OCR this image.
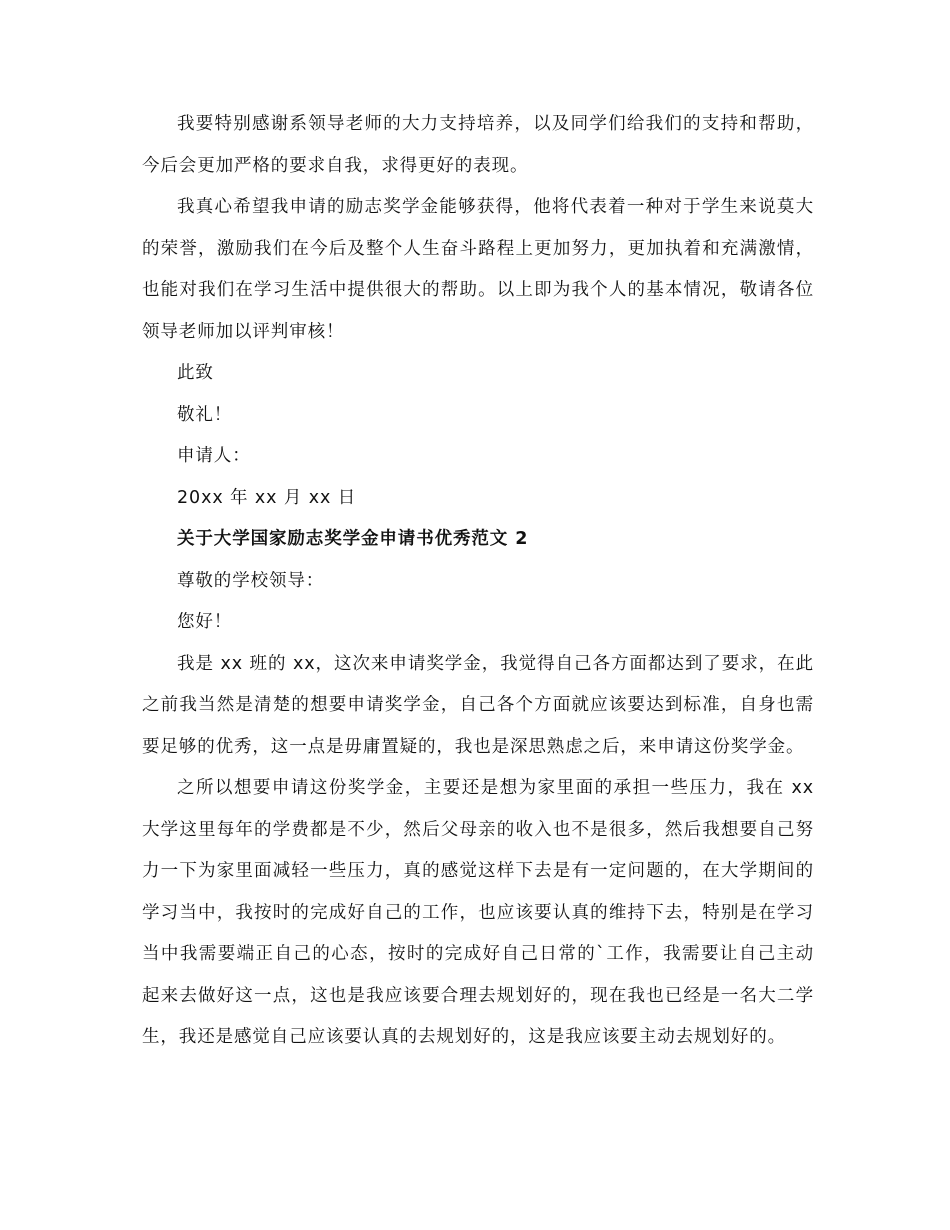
我要特别感谢系领导老师的大力支持培养，以及同学们给我们的支持和帮助，今后会更加严格的要求自我，求得更好的表现。

我真心希望我申请的励志奖学金能够获得，他将代表着一种对于学生来说莫大的荣誉，激励我们在今后及整个人生奋斗路程上更加努力，更加执着和充满激情，也能对我们在学习生活中提供很大的帮助。以上即为我个人的基本情况，敬请各位领导老师加以评判审核！

此致

敬礼！

申请人：

20xx 年 xx 月 xx 日

关于大学国家励志奖学金申请书优秀范文 2

尊敬的学校领导：

您好！

我是 xx 班的 xx，这次来申请奖学金，我觉得自己各方面都达到了要求，在此之前我当然是清楚的想要申请奖学金，自己各个方面就应该要达到标准，自身也需要足够的优秀，这一点是毋庸置疑的，我也是深思熟虑之后，来申请这份奖学金。

之所以想要申请这份奖学金，主要还是想为家里面的承担一些压力，我在 xx 大学这里每年的学费都是不少，然后父母亲的收入也不是很多，然后我想要自己努力一下为家里面减轻一些压力，真的感觉这样下去是有一定问题的，在大学期间的学习当中，我按时的完成好自己的工作，也应该要认真的维持下去，特别是在学习当中我需要端正自己的心态，按时的完成好自己日常的`工作，我需要让自己主动起来去做好这一点，这也是我应该要合理去规划好的，现在我也已经是一名大二学生，我还是感觉自己应该要认真的去规划好的，这是我应该要主动去规划好的。
